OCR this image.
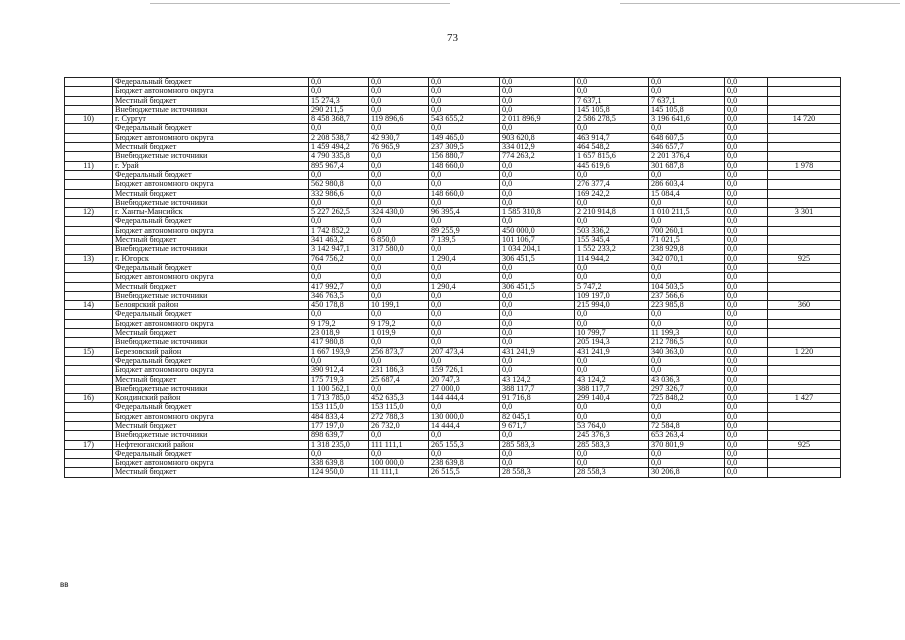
73
	Федеральный бюджет	0,0	0,0	0,0	0,0	0,0	0,0	0,0	
	Бюджет автономного округа	0,0	0,0	0,0	0,0	0,0	0,0	0,0	
	Местный бюджет	15 274,3	0,0	0,0	0,0	7 637,1	7 637,1	0,0	
	Внебюджетные источники	290 211,5	0,0	0,0	0,0	145 105,8	145 105,8	0,0	
10)	г. Сургут	8 458 368,7	119 896,6	543 655,2	2 011 896,9	2 586 278,5	3 196 641,6	0,0	14 720
	Федеральный бюджет	0,0	0,0	0,0	0,0	0,0	0,0	0,0	
	Бюджет автономного округа	2 208 538,7	42 930,7	149 465,0	903 620,8	463 914,7	648 607,5	0,0	
	Местный бюджет	1 459 494,2	76 965,9	237 309,5	334 012,9	464 548,2	346 657,7	0,0	
	Внебюджетные источники	4 790 335,8	0,0	156 880,7	774 263,2	1 657 815,6	2 201 376,4	0,0	
11)	г. Урай	895 967,4	0,0	148 660,0	0,0	445 619,6	301 687,8	0,0	1 978
	Федеральный бюджет	0,0	0,0	0,0	0,0	0,0	0,0	0,0	
	Бюджет автономного округа	562 980,8	0,0	0,0	0,0	276 377,4	286 603,4	0,0	
	Местный бюджет	332 986,6	0,0	148 660,0	0,0	169 242,2	15 084,4	0,0	
	Внебюджетные источники	0,0	0,0	0,0	0,0	0,0	0,0	0,0	
12)	г. Ханты-Мансийск	5 227 262,5	324 430,0	96 395,4	1 585 310,8	2 210 914,8	1 010 211,5	0,0	3 301
	Федеральный бюджет	0,0	0,0	0,0	0,0	0,0	0,0	0,0	
	Бюджет автономного округа	1 742 852,2	0,0	89 255,9	450 000,0	503 336,2	700 260,1	0,0	
	Местный бюджет	341 463,2	6 850,0	7 139,5	101 106,7	155 345,4	71 021,5	0,0	
	Внебюджетные источники	3 142 947,1	317 580,0	0,0	1 034 204,1	1 552 233,2	238 929,8	0,0	
13)	г. Югорск	764 756,2	0,0	1 290,4	306 451,5	114 944,2	342 070,1	0,0	925
	Федеральный бюджет	0,0	0,0	0,0	0,0	0,0	0,0	0,0	
	Бюджет автономного округа	0,0	0,0	0,0	0,0	0,0	0,0	0,0	
	Местный бюджет	417 992,7	0,0	1 290,4	306 451,5	5 747,2	104 503,5	0,0	
	Внебюджетные источники	346 763,5	0,0	0,0	0,0	109 197,0	237 566,6	0,0	
14)	Белоярский район	450 178,8	10 199,1	0,0	0,0	215 994,0	223 985,8	0,0	360
	Федеральный бюджет	0,0	0,0	0,0	0,0	0,0	0,0	0,0	
	Бюджет автономного округа	9 179,2	9 179,2	0,0	0,0	0,0	0,0	0,0	
	Местный бюджет	23 018,9	1 019,9	0,0	0,0	10 799,7	11 199,3	0,0	
	Внебюджетные источники	417 980,8	0,0	0,0	0,0	205 194,3	212 786,5	0,0	
15)	Березовский район	1 667 193,9	256 873,7	207 473,4	431 241,9	431 241,9	340 363,0	0,0	1 220
	Федеральный бюджет	0,0	0,0	0,0	0,0	0,0	0,0	0,0	
	Бюджет автономного округа	390 912,4	231 186,3	159 726,1	0,0	0,0	0,0	0,0	
	Местный бюджет	175 719,3	25 687,4	20 747,3	43 124,2	43 124,2	43 036,3	0,0	
	Внебюджетные источники	1 100 562,1	0,0	27 000,0	388 117,7	388 117,7	297 326,7	0,0	
16)	Кондинский район	1 713 785,0	452 635,3	144 444,4	91 716,8	299 140,4	725 848,2	0,0	1 427
	Федеральный бюджет	153 115,0	153 115,0	0,0	0,0	0,0	0,0	0,0	
	Бюджет автономного округа	484 833,4	272 788,3	130 000,0	82 045,1	0,0	0,0	0,0	
	Местный бюджет	177 197,0	26 732,0	14 444,4	9 671,7	53 764,0	72 584,8	0,0	
	Внебюджетные источники	898 639,7	0,0	0,0	0,0	245 376,3	653 263,4	0,0	
17)	Нефтеюганский район	1 318 235,0	111 111,1	265 155,3	285 583,3	285 583,3	370 801,9	0,0	925
	Федеральный бюджет	0,0	0,0	0,0	0,0	0,0	0,0	0,0	
	Бюджет автономного округа	338 639,8	100 000,0	238 639,8	0,0	0,0	0,0	0,0	
	Местный бюджет	124 950,0	11 111,1	26 515,5	28 558,3	28 558,3	30 206,8	0,0	
вв
